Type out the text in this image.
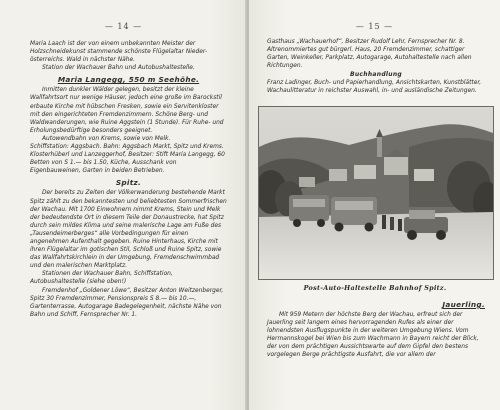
— 14 —

Maria Laach ist der von einem unbekannten Meister der Holzschneidekunst stammende schönste Flügelaltar Nieder-österreichs. Wald in nächster Nähe.

Station der Wachauer Bahn und Autobushaltestelle.

Maria Langegg, 550 m Seehöhe.

Inmitten dunkler Wälder gelegen, besitzt der kleine Wallfahrtsort nur wenige Häuser, jedoch eine große im Barockstil erbaute Kirche mit hübschen Fresken, sowie ein Servitenkloster mit den eingerichteten Fremdenzimmern. Schöne Berg- und Waldwanderungen, wie Ruine Aggstein (1 Stunde). Für Ruhe- und Erholungsbedürftige besonders geeignet.

Autowendbahn von Krems, sowie von Melk.

Schiffstation: Aggsbach. Bahn: Aggsbach Markt, Spitz und Krems.

Klosterhüberl und Lanzeggerhof, Besitzer: Stift Maria Langegg, 60 Betten von S 1.— bis 1.50, Küche, Ausschank von Eigenbauweinen, Garten in beiden Betrieben.

Spitz.

Der bereits zu Zeiten der Völkerwanderung bestehende Markt Spitz zählt zu den bekanntesten und beliebtesten Sommerfrischen der Wachau. Mit 1700 Einwohnern nimmt Krems, Stein und Melk der bedeutendste Ort in diesem Teile der Donaustrecke, hat Spitz durch sein mildes Klima und seine malerische Lage am Fuße des „Tausendeimerberges“ alle Vorbedingungen für einen angenehmen Aufenthalt gegeben. Ruine Hinterhaus, Kirche mit ihren Flügelaltar im gotischen Stil, Schloß und Ruine Spitz, sowie das Wallfahrtskirchlein in der Umgebung, Fremdenschwimmbad und den malerischen Marktplatz.

Stationen der Wachauer Bahn, Schiffstation, Autobushaltestelle (siehe oben!)

Fremdenhof „Goldener Löwe“, Besitzer Anton Weitzenberger, Spitz 30 Fremdenzimmer, Pensionspreis S 8.— bis 10.—, Gartenterrasse, Autogarage Badegelegenheit, nächste Nähe von Bahn und Schiff, Fernsprecher Nr. 1.

— 15 —

Gasthaus „Wachauerhof“, Besitzer Rudolf Lehr, Fernsprecher Nr. 8. Altrenommiertes gut bürgerl. Haus, 20 Fremdenzimmer, schattiger Garten, Weinkeller, Parkplatz, Autogarage, Autohaltestelle nach allen Richtungen.

Buchhandlung

Franz Ladinger, Buch- und Papierhandlung, Ansichtskarten, Kunstblätter, Wachaulitteratur in reichster Auswahl, in- und ausländische Zeitungen.

Jauerling.

Mit 959 Metern der höchste Berg der Wachau, erfreut sich der Jauerling seit langem eines hervorragenden Rufes als einer der lohnendsten Ausflugspunkte in der weiteren Umgebung Wiens. Vom Hermannskogel bei Wien bis zum Wachmann in Bayern reicht der Blick, der von dem prächtigen Aussichtswarte auf dem Gipfel den bestens vorgelegen Berge prächtigste Ausfahrt, die vor allem der

Post-Auto-Haltestelle Bahnhof Spitz.
